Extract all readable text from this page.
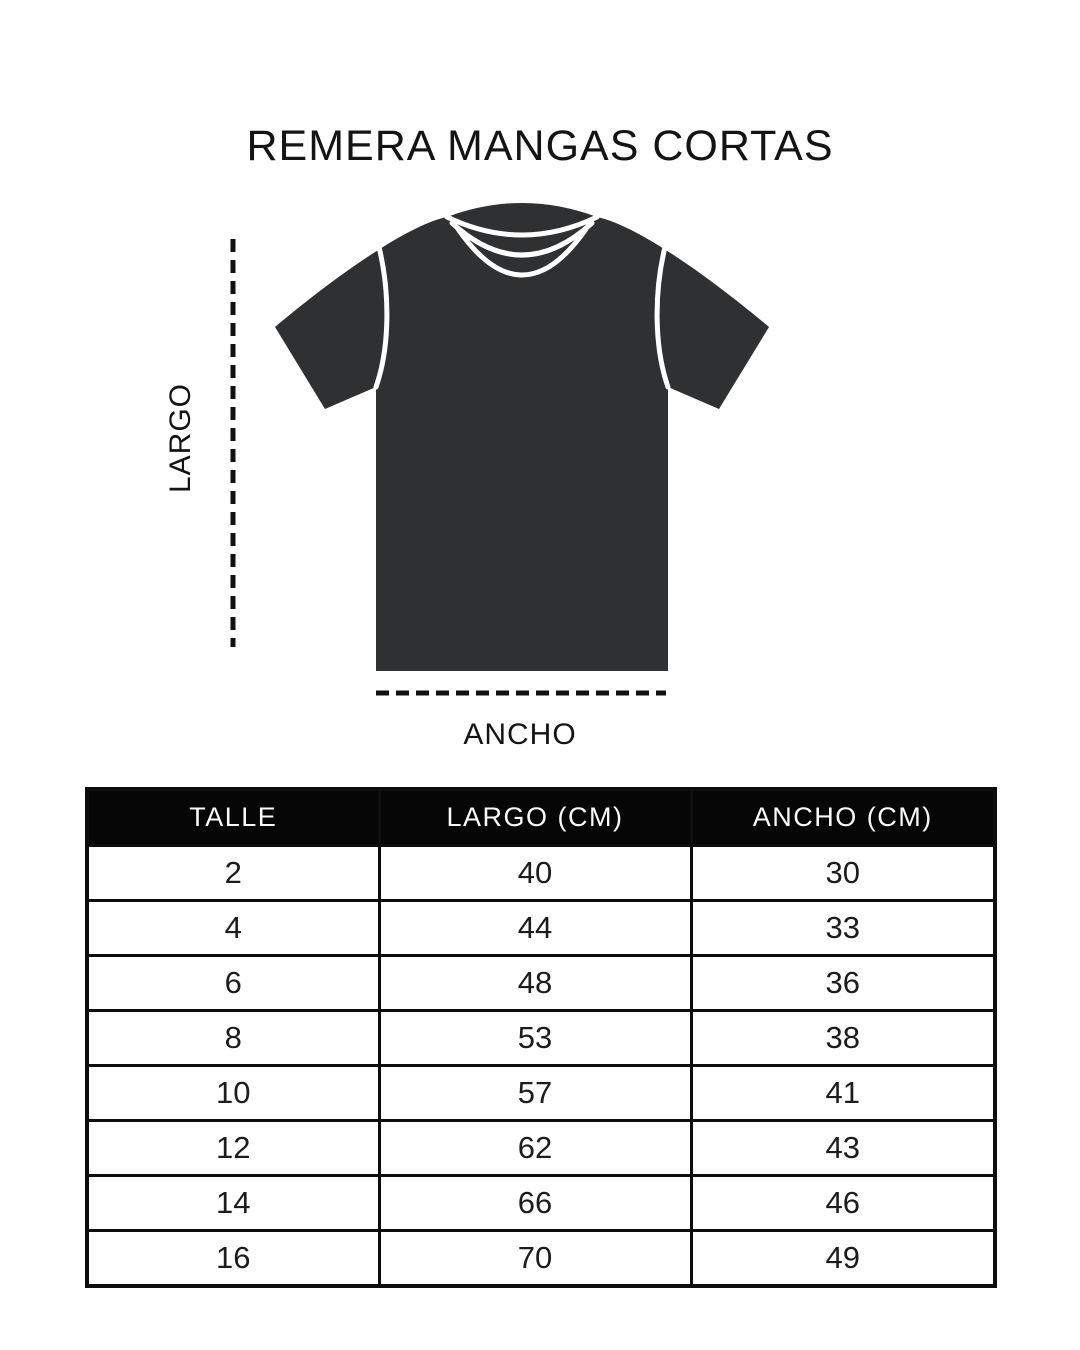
REMERA MANGAS CORTAS
LARGO
ANCHO
TALLE	LARGO (CM)	ANCHO (CM)
2	40	30
4	44	33
6	48	36
8	53	38
10	57	41
12	62	43
14	66	46
16	70	49
